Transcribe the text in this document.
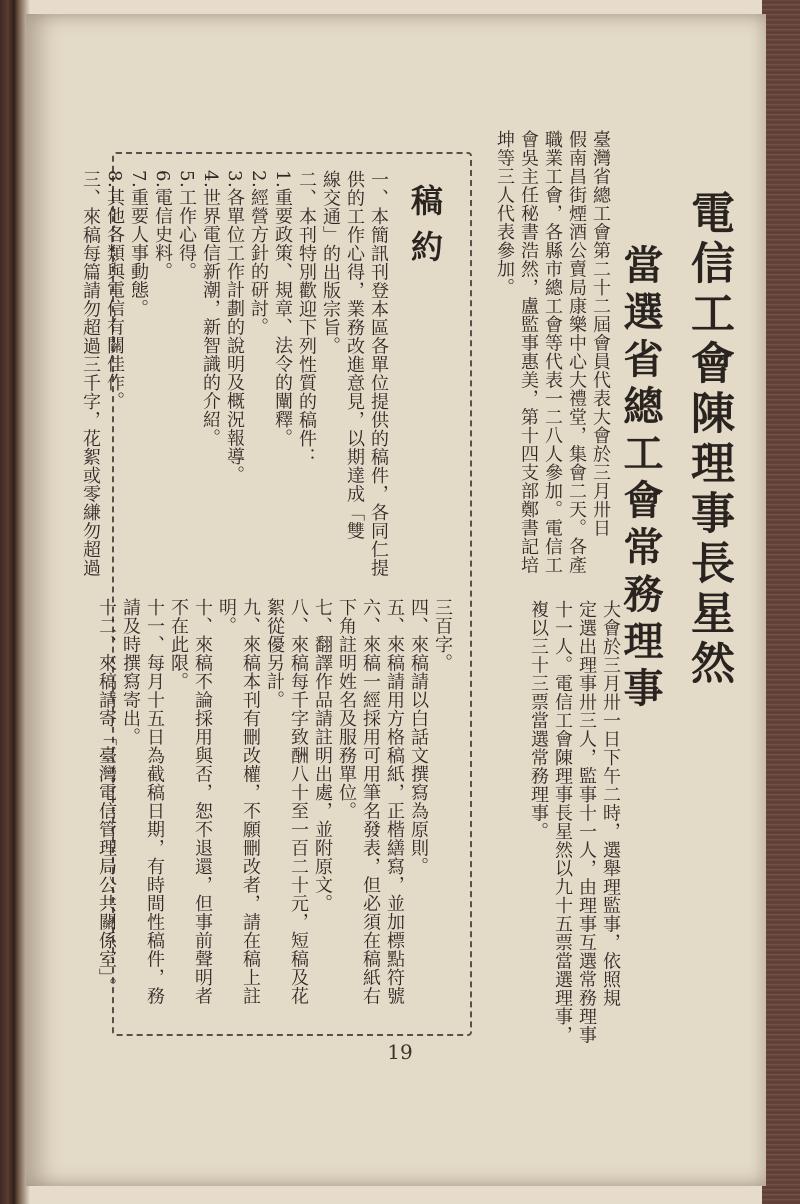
電信工會陳理事長星然
當選省總工會常務理事
臺灣省總工會第二十二屆會員代表大會於三月卅日
假南昌街煙酒公賣局康樂中心大禮堂，集會二天。各產
職業工會，各縣市總工會等代表一二八人參加。電信工
會吳主任秘書浩然，盧監事惠美，第十四支部鄭書記培
坤等三人代表參加。
大會於三月卅一日下午二時，選舉理監事，依照規
定選出理事卅三人，監事十一人，由理事互選常務理事
十一人。電信工會陳理事長星然以九十五票當選理事，
複以三十三票當選常務理事。
稿約
一、本簡訊刊登本區各單位提供的稿件，各同仁提
供的工作心得，業務改進意見，以期達成「雙
線交通」的出版宗旨。
二、本刊特別歡迎下列性質的稿件：
1.重要政策、規章、法令的闡釋。
2.經營方針的研討。
3.各單位工作計劃的說明及概況報導。
4.世界電信新潮，新智識的介紹。
5.工作心得。
6.電信史料。
7.重要人事動態。
8.其他各類與電信有關佳作。
三、來稿每篇請勿超過三千字，花絮或零縑勿超過
三百字。
四、來稿請以白話文撰寫為原則。
五、來稿請用方格稿紙，正楷繕寫，並加標點符號
六、來稿一經採用可用筆名發表，但必須在稿紙右
下角註明姓名及服務單位。
七、翻譯作品請註明出處，並附原文。
八、來稿每千字致酬八十至一百二十元，短稿及花
絮從優另計。
九、來稿本刊有刪改權，不願刪改者，請在稿上註
明。
十、來稿不論採用與否，恕不退還，但事前聲明者
不在此限。
十一、每月十五日為截稿日期，有時間性稿件，務
請及時撰寫寄出。
十二、來稿請寄「臺灣電信管理局公共關係室」。
19
